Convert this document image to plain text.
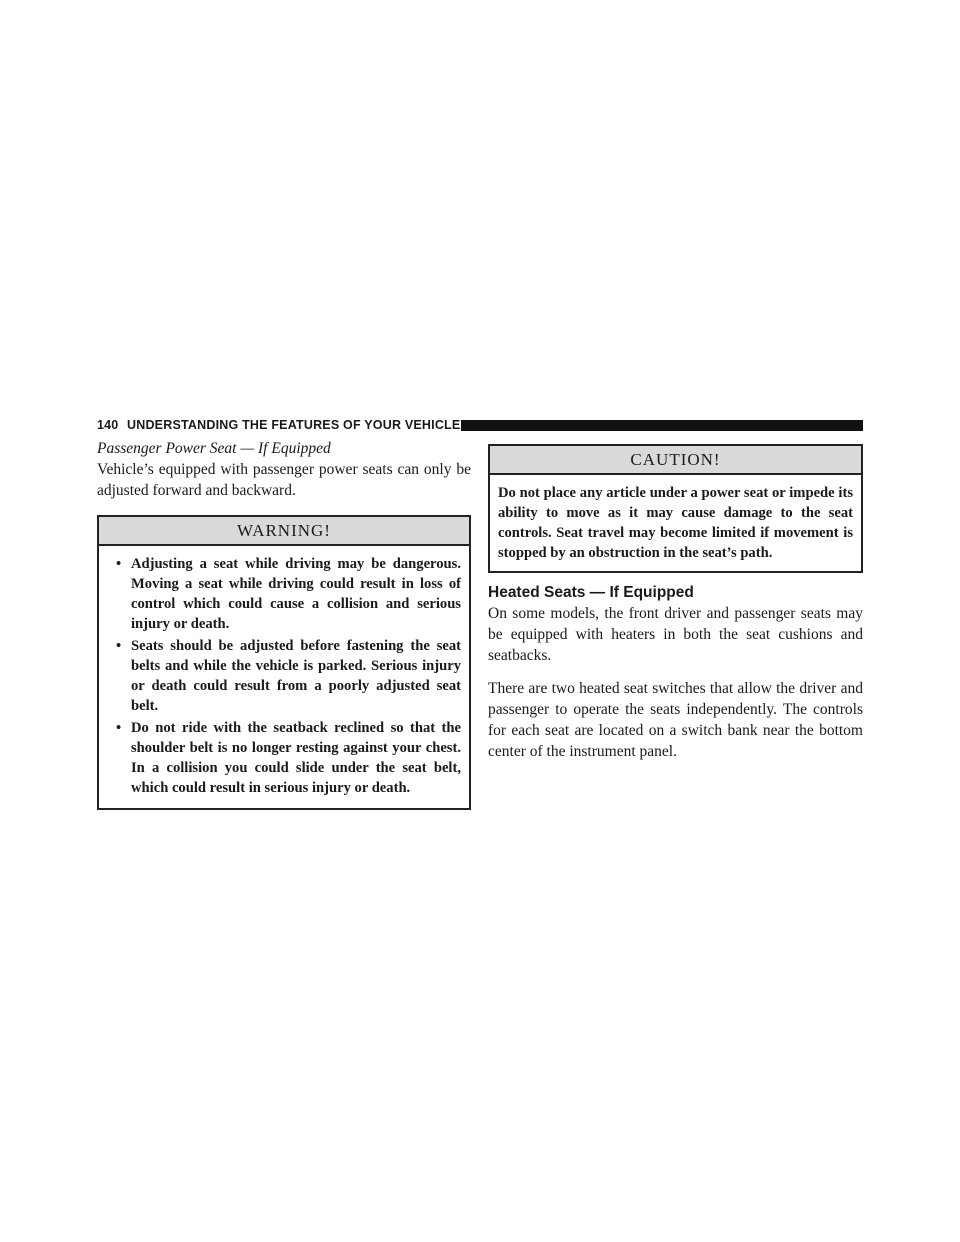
140 UNDERSTANDING THE FEATURES OF YOUR VEHICLE
Passenger Power Seat — If Equipped

Vehicle’s equipped with passenger power seats can only be adjusted forward and backward.

WARNING!
• Adjusting a seat while driving may be dangerous. Moving a seat while driving could result in loss of control which could cause a collision and serious injury or death.
• Seats should be adjusted before fastening the seat belts and while the vehicle is parked. Serious injury or death could result from a poorly adjusted seat belt.
• Do not ride with the seatback reclined so that the shoulder belt is no longer resting against your chest. In a collision you could slide under the seat belt, which could result in serious injury or death.
CAUTION!
Do not place any article under a power seat or impede its ability to move as it may cause damage to the seat controls. Seat travel may become limited if movement is stopped by an obstruction in the seat’s path.
Heated Seats — If Equipped

On some models, the front driver and passenger seats may be equipped with heaters in both the seat cushions and seatbacks.

There are two heated seat switches that allow the driver and passenger to operate the seats independently. The controls for each seat are located on a switch bank near the bottom center of the instrument panel.
